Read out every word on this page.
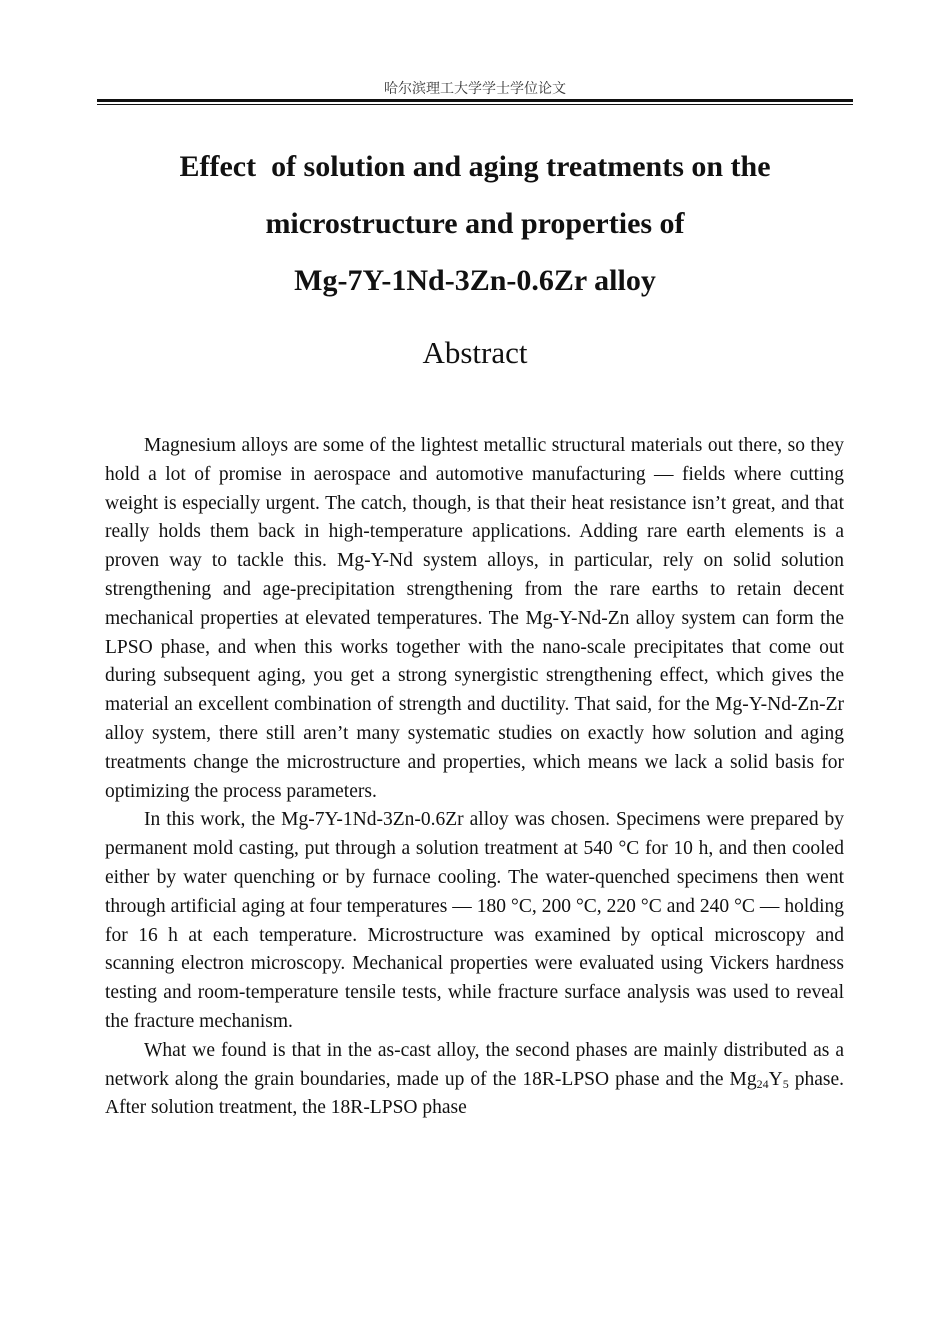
哈尔滨理工大学学士学位论文
Effect  of solution and aging treatments on the
microstructure and properties of
Mg-7Y-1Nd-3Zn-0.6Zr alloy
Abstract

Magnesium alloys are some of the lightest metallic structural materials out there, so they hold a lot of promise in aerospace and automotive manufacturing — fields where cutting weight is especially urgent. The catch, though, is that their heat resistance isn’t great, and that really holds them back in high-temperature applications. Adding rare earth elements is a proven way to tackle this. Mg-Y-Nd system alloys, in particular, rely on solid solution strengthening and age-precipitation strengthening from the rare earths to retain decent mechanical properties at elevated temperatures. The Mg-Y-Nd-Zn alloy system can form the LPSO phase, and when this works together with the nano-scale precipitates that come out during subsequent aging, you get a strong synergistic strengthening effect, which gives the material an excellent combination of strength and ductility. That said, for the Mg-Y-Nd-Zn-Zr alloy system, there still aren’t many systematic studies on exactly how solution and aging treatments change the microstructure and properties, which means we lack a solid basis for optimizing the process parameters.

In this work, the Mg-7Y-1Nd-3Zn-0.6Zr alloy was chosen. Specimens were prepared by permanent mold casting, put through a solution treatment at 540 °C for 10 h, and then cooled either by water quenching or by furnace cooling. The water-quenched specimens then went through artificial aging at four temperatures — 180 °C, 200 °C, 220 °C and 240 °C — holding for 16 h at each temperature. Microstructure was examined by optical microscopy and scanning electron microscopy. Mechanical properties were evaluated using Vickers hardness testing and room-temperature tensile tests, while fracture surface analysis was used to reveal the fracture mechanism.

What we found is that in the as-cast alloy, the second phases are mainly distributed as a network along the grain boundaries, made up of the 18R-LPSO phase and the $Mg_{24}Y_5$ phase. After solution treatment, the 18R-LPSO phase
